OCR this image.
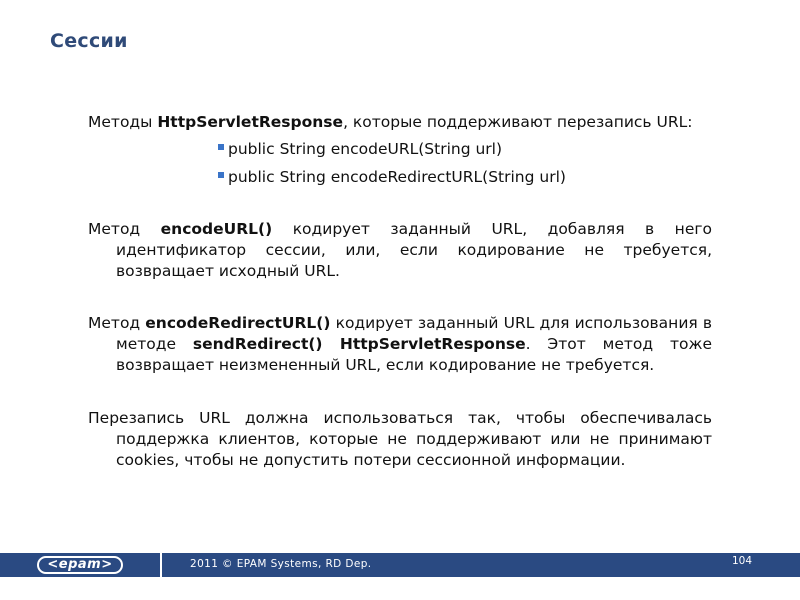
Сессии

Методы HttpServletResponse, которые поддерживают перезапись URL:

public String encodeURL(String url)
public String encodeRedirectURL(String url)

Метод encodeURL() кодирует заданный URL, добавляя в него идентификатор сессии, или, если кодирование не требуется, возвращает исходный URL.

Метод encodeRedirectURL() кодирует заданный URL для использования в методе sendRedirect() HttpServletResponse. Этот метод тоже возвращает неизмененный URL, если кодирование не требуется.

Перезапись URL должна использоваться так, чтобы обеспечивалась поддержка клиентов, которые не поддерживают или не принимают cookies, чтобы не допустить потери сессионной информации.

<epam>	2011 © EPAM Systems, RD Dep.	104
